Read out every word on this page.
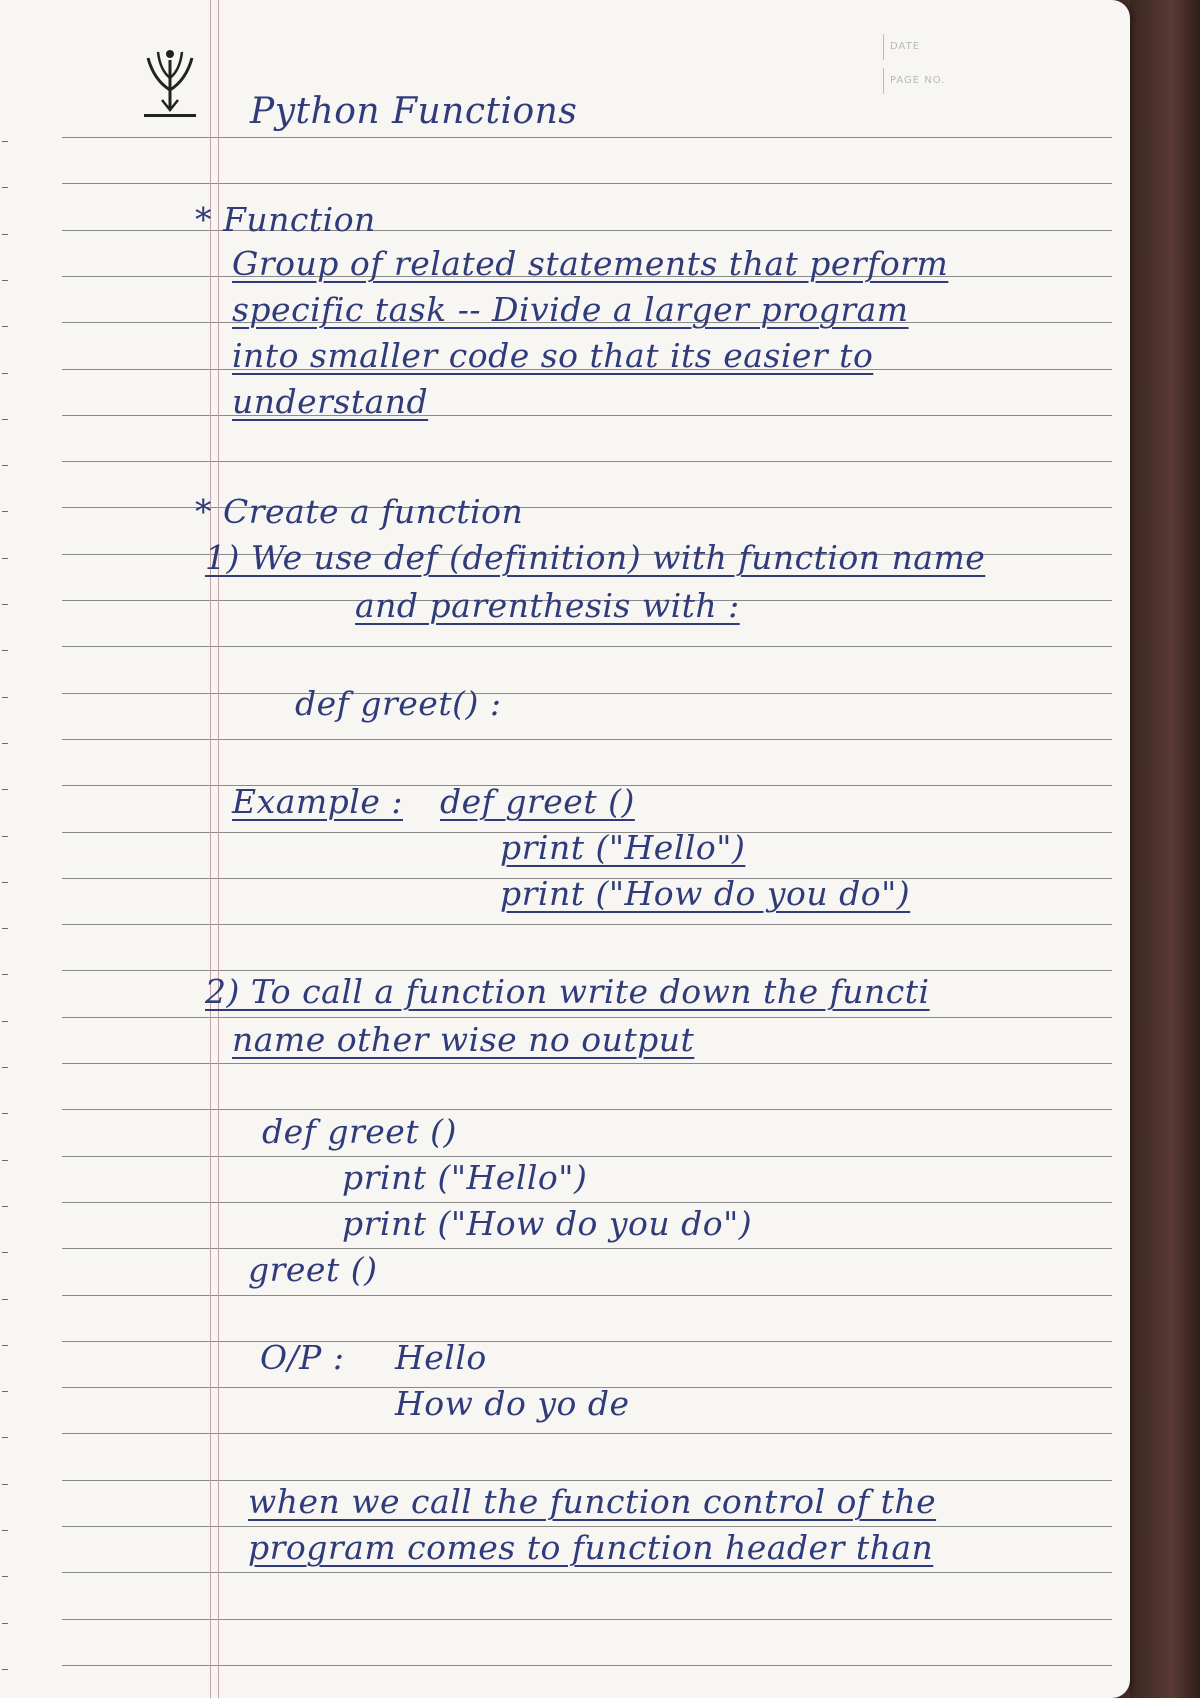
DATE
PAGE NO.
Python Functions
* Function
Group of related statements that perform
specific task -- Divide a larger program
into smaller code so that its easier to
understand
* Create a function
1) We use def (definition) with function name
and parenthesis with :
def greet() :
Example : def greet ()
print ("Hello")
print ("How do you do")
2) To call a function write down the functi
name other wise no output
def greet ()
print ("Hello")
print ("How do you do")
greet ()
O/P : Hello
How do yo de
when we call the function control of the
program comes to function header than
